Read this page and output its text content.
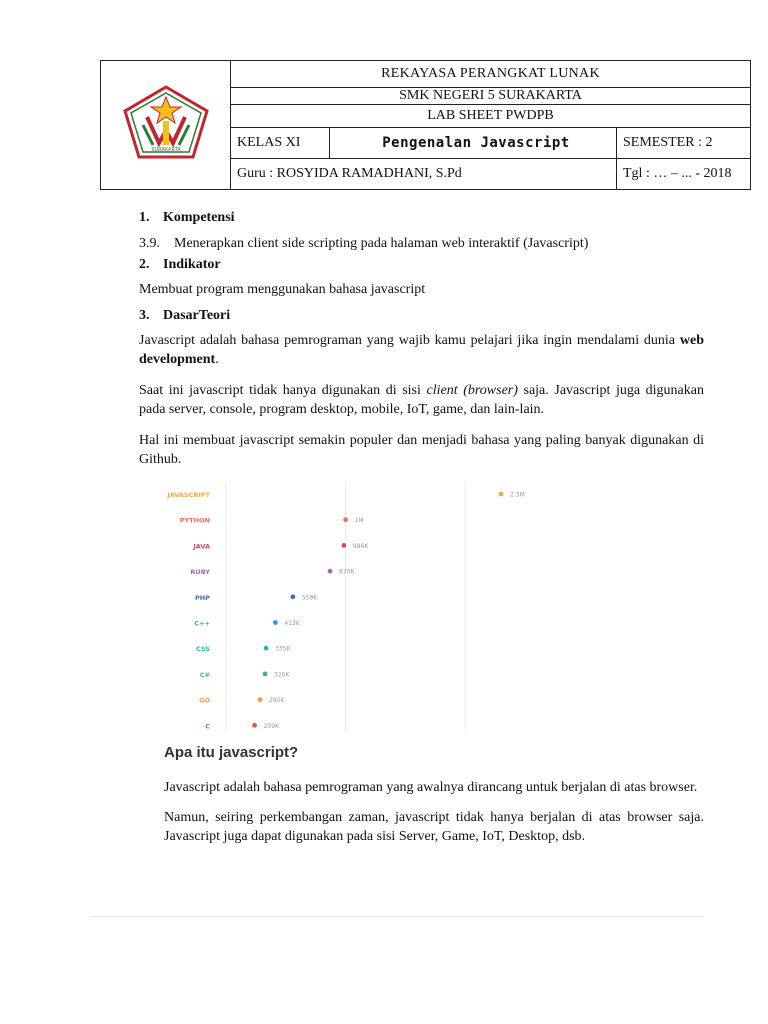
SURAKARTA	REKAYASA PERANGKAT LUNAK		
	SMK NEGERI 5 SURAKARTA		
	LAB SHEET PWDPB		
	KELAS XI	Pengenalan Javascript	SEMESTER : 2
	Guru : ROSYIDA RAMADHANI, S.Pd		Tgl : … – ... - 2018

1. Kompetensi

3.9. Menerapkan client side scripting pada halaman web interaktif (Javascript)

2. Indikator

Membuat program menggunakan bahasa javascript

3. DasarTeori

Javascript adalah bahasa pemrograman yang wajib kamu pelajari jika ingin mendalami dunia web development.

Saat ini javascript tidak hanya digunakan di sisi client (browser) saja. Javascript juga digunakan pada server, console, program desktop, mobile, IoT, game, dan lain-lain.

Hal ini membuat javascript semakin populer dan menjadi bahasa yang paling banyak digunakan di Github.

JAVASCRIPT	2.3M
PYTHON	1M
JAVA	986K
RUBY	870K
PHP	559K
C++	413K
CSS	335K
C#	326K
GO	285K
C	239K
Apa itu javascript?

Javascript adalah bahasa pemrograman yang awalnya dirancang untuk berjalan di atas browser.

Namun, seiring perkembangan zaman, javascript tidak hanya berjalan di atas browser saja. Javascript juga dapat digunakan pada sisi Server, Game, IoT, Desktop, dsb.
